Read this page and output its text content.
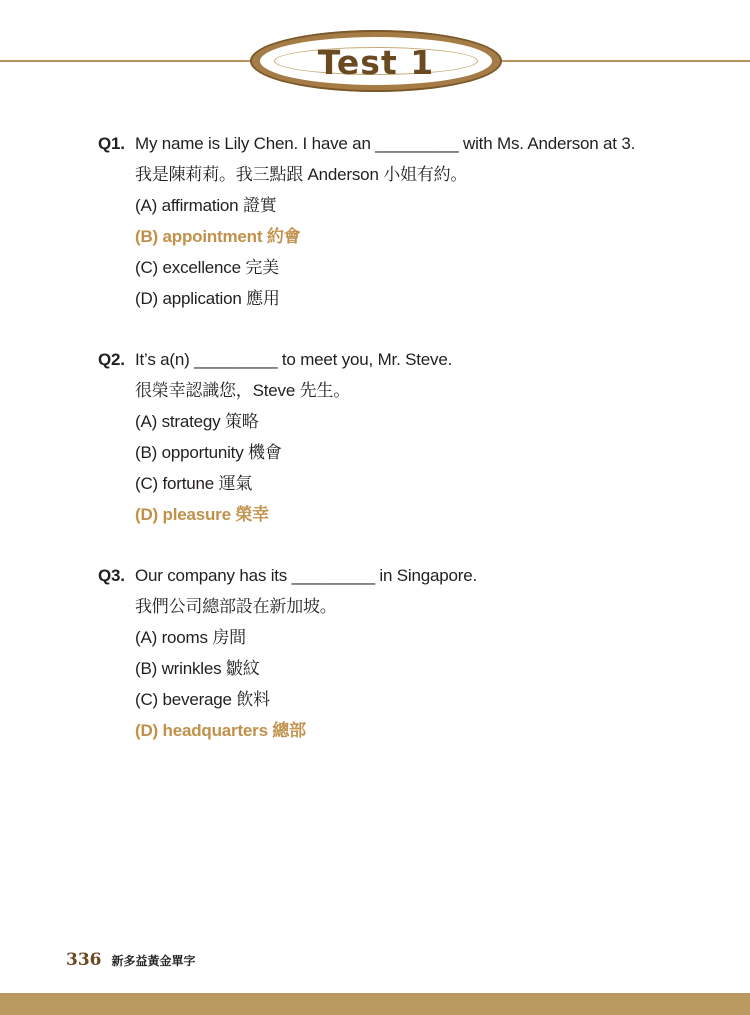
Test 1
Q1. My name is Lily Chen. I have an _________ with Ms. Anderson at 3.
我是陳莉莉。我三點跟 Anderson 小姐有約。
(A) affirmation 證實
(B) appointment 約會
(C) excellence 完美
(D) application 應用
Q2. It’s a(n) _________ to meet you, Mr. Steve.
很榮幸認識您，Steve 先生。
(A) strategy 策略
(B) opportunity 機會
(C) fortune 運氣
(D) pleasure 榮幸
Q3. Our company has its _________ in Singapore.
我們公司總部設在新加坡。
(A) rooms 房間
(B) wrinkles 皺紋
(C) beverage 飲料
(D) headquarters 總部
336 新多益黃金單字
